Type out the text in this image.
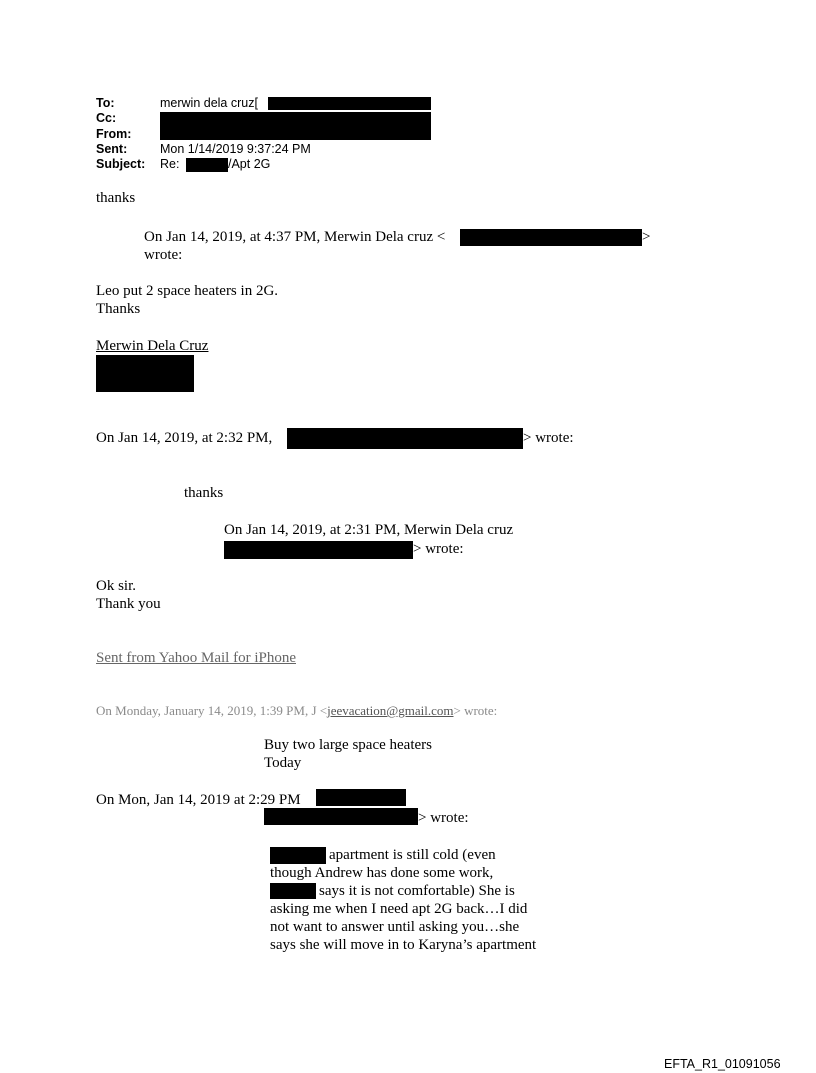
To:	merwin dela cruz[
Cc:
From:
Sent:	Mon 1/14/2019 9:37:24 PM
Subject: Re:	/Apt 2G
thanks
On Jan 14, 2019, at 4:37 PM, Merwin Dela cruz <	>
wrote:
Leo put 2 space heaters in 2G.
Thanks
Merwin Dela Cruz
On Jan 14, 2019, at 2:32 PM,	> wrote:
thanks
On Jan 14, 2019, at 2:31 PM, Merwin Dela cruz
> wrote:
Ok sir.
Thank you
Sent from Yahoo Mail for iPhone
On Monday, January 14, 2019, 1:39 PM, J <jeevacation@gmail.com> wrote:
Buy two large space heaters
Today
On Mon, Jan 14, 2019 at 2:29 PM
> wrote:
apartment is still cold (even
though Andrew has done some work,
says it is not comfortable) She is
asking me when I need apt 2G back…I did
not want to answer until asking you…she
says she will move in to Karyna’s apartment
EFTA_R1_01091056
